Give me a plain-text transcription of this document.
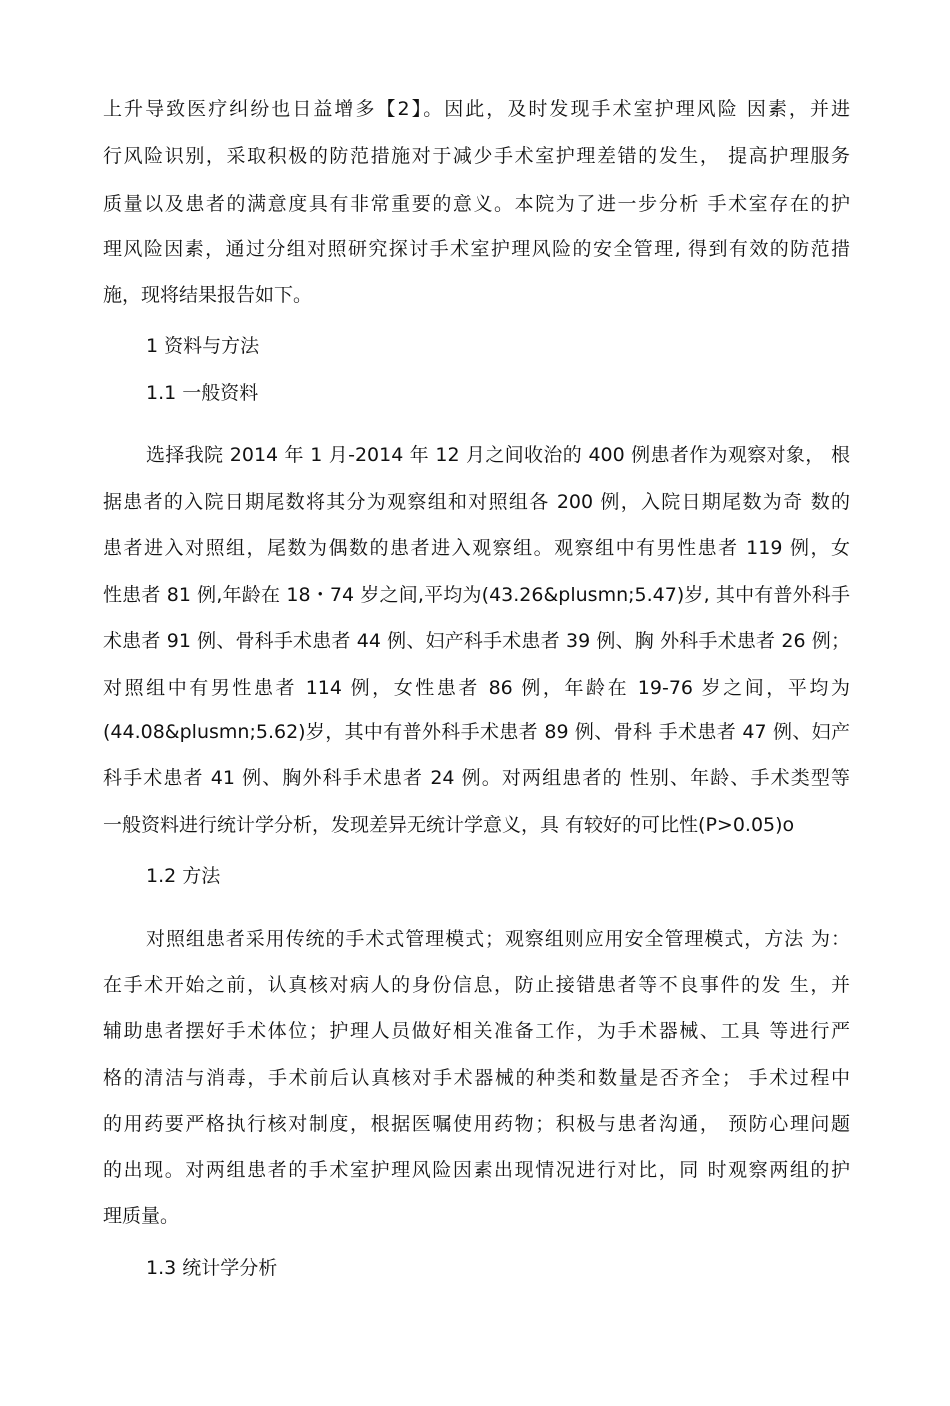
上升导致医疗纠纷也日益增多【2】。因此，及时发现手术室护理风险 因素，并进
行风险识别，采取积极的防范措施对于减少手术室护理差错的发生， 提高护理服务
质量以及患者的满意度具有非常重要的意义。本院为了进一步分析 手术室存在的护
理风险因素，通过分组对照研究探讨手术室护理风险的安全管理, 得到有效的防范措
施，现将结果报告如下。
1 资料与方法
1.1 一般资料
选择我院 2014 年 1 月-2014 年 12 月之间收治的 400 例患者作为观察对象， 根
据患者的入院日期尾数将其分为观察组和对照组各 200 例，入院日期尾数为奇 数的
患者进入对照组，尾数为偶数的患者进入观察组。观察组中有男性患者 119 例，女
性患者 81 例,年龄在 18・74 岁之间,平均为(43.26&plusmn;5.47)岁, 其中有普外科手
术患者 91 例、骨科手术患者 44 例、妇产科手术患者 39 例、胸 外科手术患者 26 例；
对照组中有男性患者 114 例，女性患者 86 例，年龄在 19-76 岁之间，平均为
(44.08&plusmn;5.62)岁，其中有普外科手术患者 89 例、骨科 手术患者 47 例、妇产
科手术患者 41 例、胸外科手术患者 24 例。对两组患者的 性别、年龄、手术类型等
一般资料进行统计学分析，发现差异无统计学意义，具 有较好的可比性(P>0.05)o
1.2 方法
对照组患者采用传统的手术式管理模式；观察组则应用安全管理模式，方法 为：
在手术开始之前，认真核对病人的身份信息，防止接错患者等不良事件的发 生，并
辅助患者摆好手术体位；护理人员做好相关准备工作，为手术器械、工具 等进行严
格的清洁与消毒，手术前后认真核对手术器械的种类和数量是否齐全； 手术过程中
的用药要严格执行核对制度，根据医嘱使用药物；积极与患者沟通， 预防心理问题
的出现。对两组患者的手术室护理风险因素出现情况进行对比，同 时观察两组的护
理质量。
1.3 统计学分析
